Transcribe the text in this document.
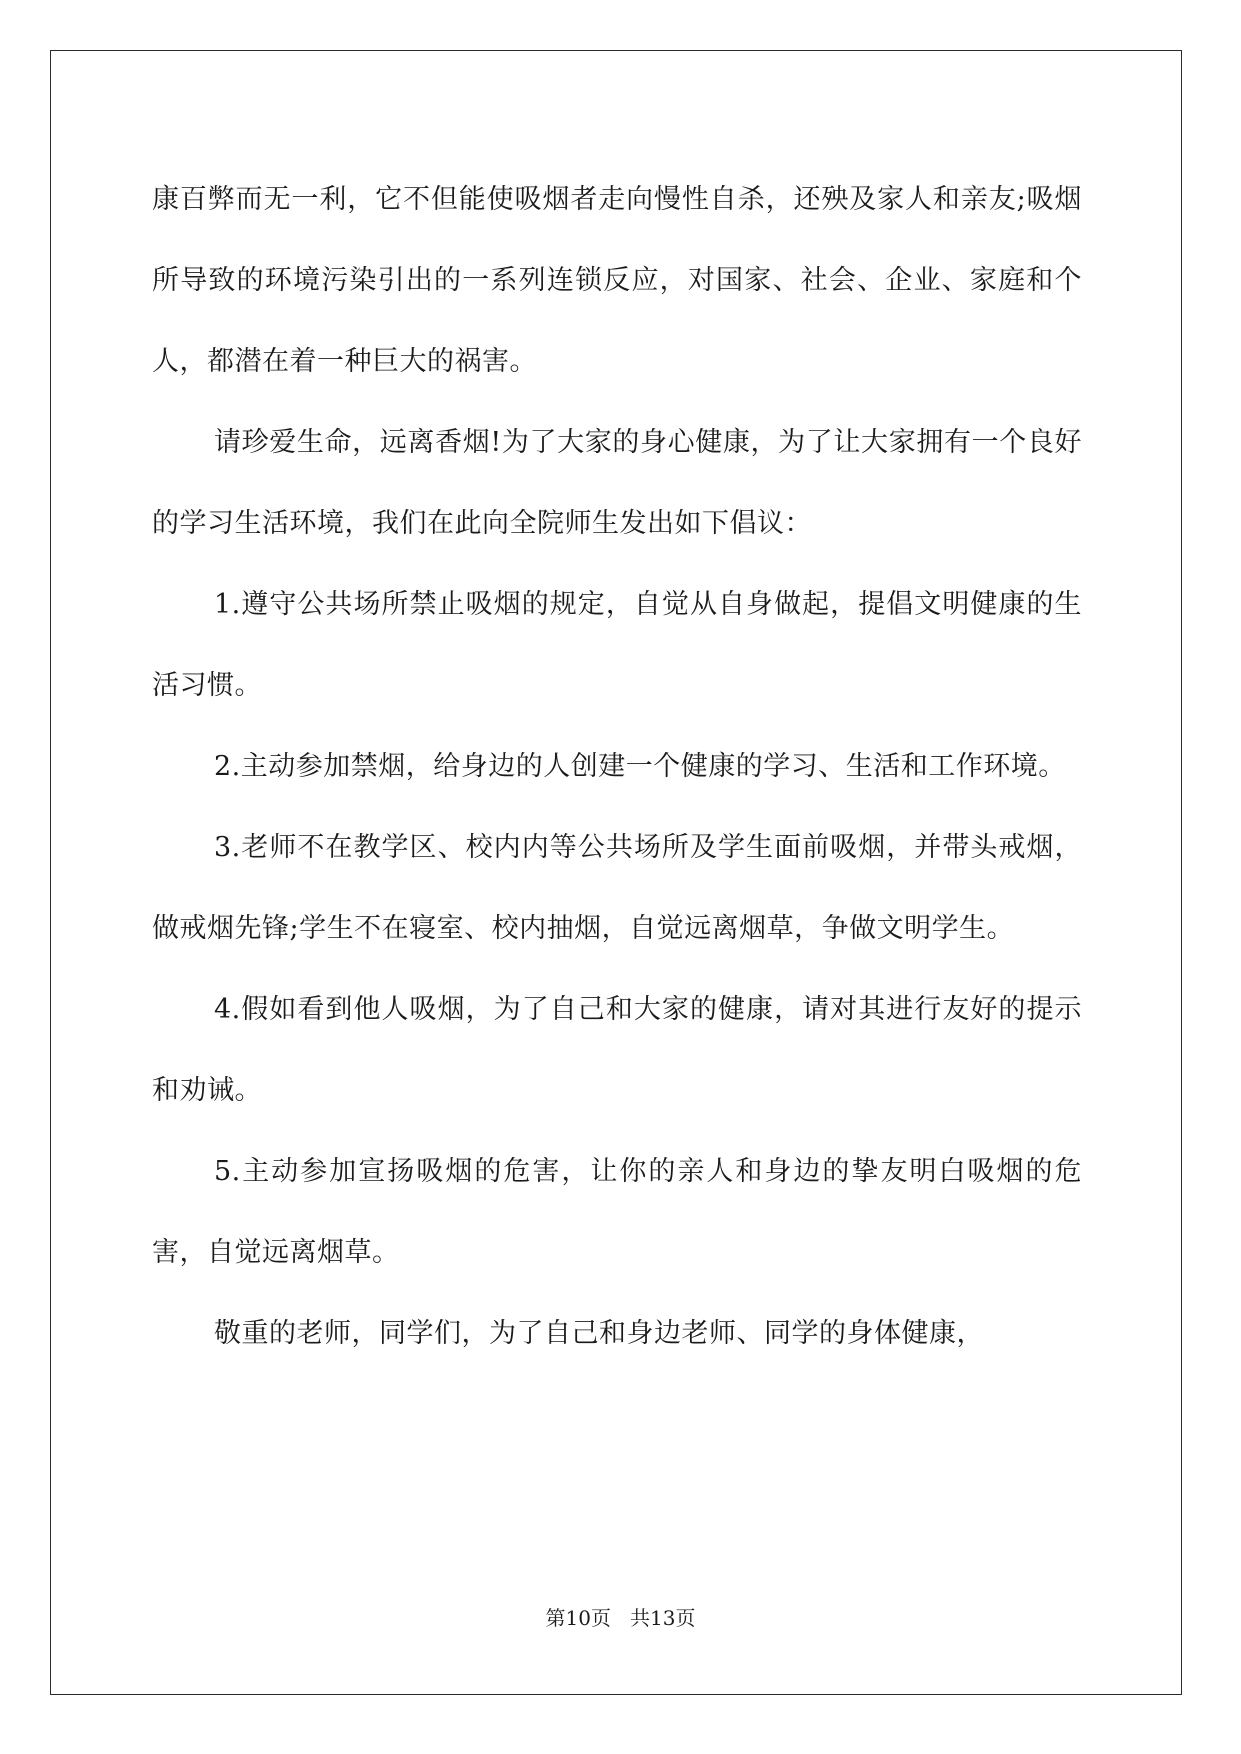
康百弊而无一利，它不但能使吸烟者走向慢性自杀，还殃及家人和亲友;吸烟所导致的环境污染引出的一系列连锁反应，对国家、社会、企业、家庭和个人，都潜在着一种巨大的祸害。

请珍爱生命，远离香烟!为了大家的身心健康，为了让大家拥有一个良好的学习生活环境，我们在此向全院师生发出如下倡议：

1.遵守公共场所禁止吸烟的规定，自觉从自身做起，提倡文明健康的生活习惯。

2.主动参加禁烟，给身边的人创建一个健康的学习、生活和工作环境。

3.老师不在教学区、校内内等公共场所及学生面前吸烟，并带头戒烟，做戒烟先锋;学生不在寝室、校内抽烟，自觉远离烟草，争做文明学生。

4.假如看到他人吸烟，为了自己和大家的健康，请对其进行友好的提示和劝诫。

5.主动参加宣扬吸烟的危害，让你的亲人和身边的挚友明白吸烟的危害，自觉远离烟草。

敬重的老师，同学们，为了自己和身边老师、同学的身体健康，

第10页   共13页
